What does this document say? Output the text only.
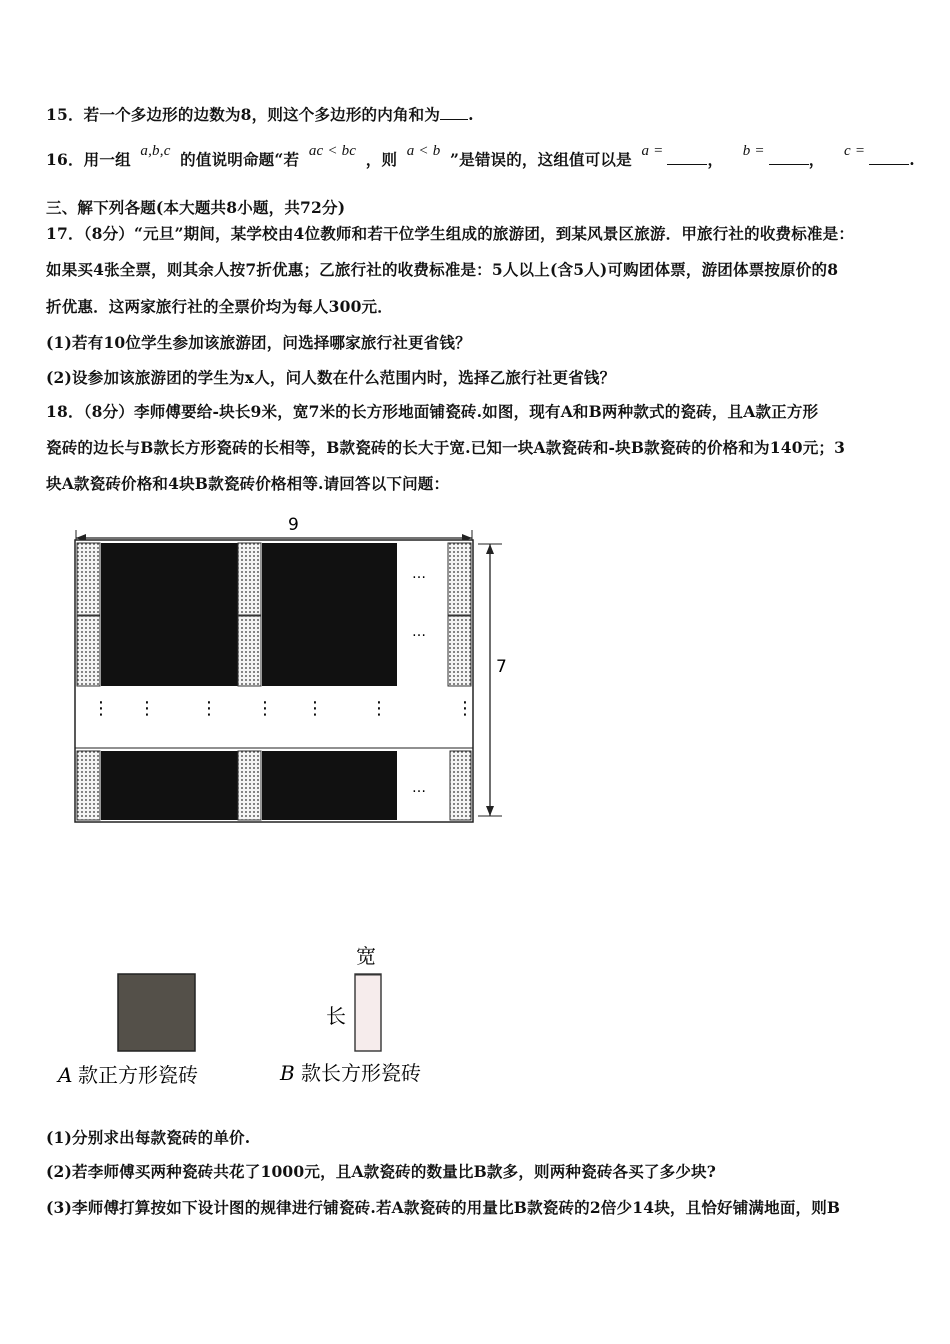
15．若一个多边形的边数为8，则这个多边形的内角和为 .
16．用一组 a,b,c 的值说明命题“若 ac < bc ，则 a < b ”是错误的，这组值可以是 a =	， b =	， c =	.
三、解下列各题(本大题共8小题，共72分)
17．（8分）“元旦”期间，某学校由4位教师和若干位学生组成的旅游团，到某风景区旅游．甲旅行社的收费标准是：
如果买4张全票，则其余人按7折优惠；乙旅行社的收费标准是：5人以上(含5人)可购团体票，游团体票按原价的8
折优惠．这两家旅行社的全票价均为每人300元．
(1)若有10位学生参加该旅游团，问选择哪家旅行社更省钱？
(2)设参加该旅游团的学生为x人，问人数在什么范围内时，选择乙旅行社更省钱？
18．（8分）李师傅要给-块长9米，宽7米的长方形地面铺瓷砖.如图，现有A和B两种款式的瓷砖，且A款正方形
瓷砖的边长与B款长方形瓷砖的长相等，B款瓷砖的长大于宽.已知一块A款瓷砖和-块B款瓷砖的价格和为140元；3
块A款瓷砖价格和4块B款瓷砖价格相等.请回答以下问题：
9
7
…
…
⋮ ⋮ ⋮ ⋮ ⋮	⋮	⋮
…
A 款正方形瓷砖
宽
长
B 款长方形瓷砖
(1)分别求出每款瓷砖的单价.
(2)若李师傅买两种瓷砖共花了1000元，且A款瓷砖的数量比B款多，则两种瓷砖各买了多少块?
(3)李师傅打算按如下设计图的规律进行铺瓷砖.若A款瓷砖的用量比B款瓷砖的2倍少14块，且恰好铺满地面，则B
